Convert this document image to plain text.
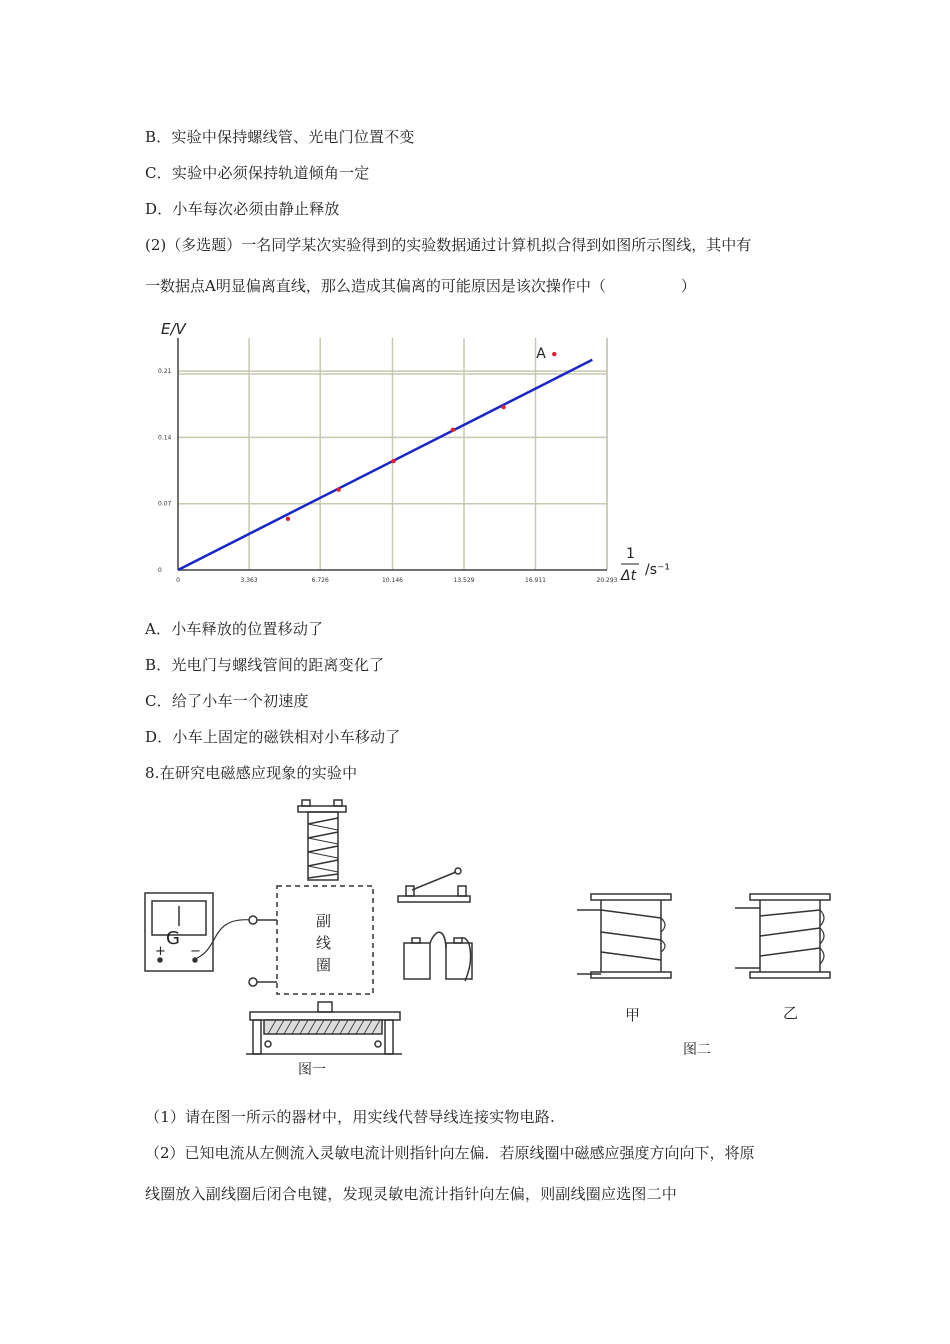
B．实验中保持螺线管、光电门位置不变
C．实验中必须保持轨道倾角一定
D．小车每次必须由静止释放
(2)（多选题）一名同学某次实验得到的实验数据通过计算机拟合得到如图所示图线，其中有
一数据点A明显偏离直线，那么造成其偏离的可能原因是该次操作中（　　　　　）
0	3.363	6.726	10.146	13.529	16.911	20.293
0
0.07
0.14
0.21
E/V
1
Δt /s⁻¹
A
A．小车释放的位置移动了
B．光电门与螺线管间的距离变化了
C．给了小车一个初速度
D．小车上固定的磁铁相对小车移动了
8.在研究电磁感应现象的实验中
G
+ −
副
线
圈
图一
甲	乙
图二
（1）请在图一所示的器材中，用实线代替导线连接实物电路.
（2）已知电流从左侧流入灵敏电流计则指针向左偏．若原线圈中磁感应强度方向向下，将原
线圈放入副线圈后闭合电键，发现灵敏电流计指针向左偏，则副线圈应选图二中
